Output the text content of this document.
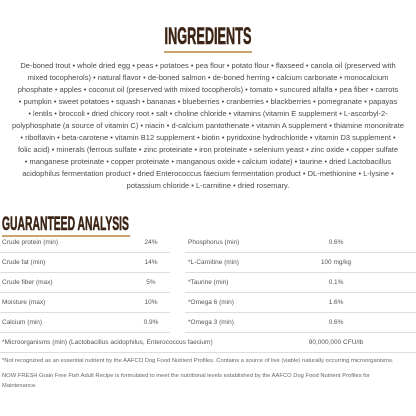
INGREDIENTS
De-boned trout • whole dried egg • peas • potatoes • pea flour • potato flour • flaxseed • canola oil (preserved with
mixed tocopherols) • natural flavor • de-boned salmon • de-boned herring • calcium carbonate • monocalcium
phosphate • apples • coconut oil (preserved with mixed tocopherols) • tomato • suncured alfalfa • pea fiber • carrots
• pumpkin • sweet potatoes • squash • bananas • blueberries • cranberries • blackberries • pomegranate • papayas
• lentils • broccoli • dried chicory root • salt • choline chloride • vitamins (vitamin E supplement • L-ascorbyl-2-
polyphosphate (a source of vitamin C) • niacin • d-calcium pantothenate • vitamin A supplement • thiamine mononitrate
• riboflavin • beta-carotene • vitamin B12 supplement • biotin • pyridoxine hydrochloride • vitamin D3 supplement •
folic acid) • minerals (ferrous sulfate • zinc proteinate • iron proteinate • selenium yeast • zinc oxide • copper sulfate
• manganese proteinate • copper proteinate • manganous oxide • calcium iodate) • taurine • dried Lactobacillus
acidophilus fermentation product • dried Enterococcus faecium fermentation product • DL-methionine • L-lysine •
potassium chloride • L-carnitine • dried rosemary.
GUARANTEED ANALYSIS
Crude protein (min)	24%	Phosphorus (min)	0.6%
Crude fat (min)	14%	*L-Carnitine (min)	100 mg/kg
Crude fiber (max)	5%	*Taurine (min)	0.1%
Moisture (max)	10%	*Omega 6 (min)	1.6%
Calcium (min)	0.9%	*Omega 3 (min)	0.6%
*Microorganisms (min) (Lactobacillus acidophilus, Enterococcus faecium)	90,000,000 CFU/lb
*Not recognized as an essential nutrient by the AAFCO Dog Food Nutrient Profiles. Contains a source of live (viable) naturally occurring microorganisms.
NOW FRESH Grain Free Fish Adult Recipe is formulated to meet the nutritional levels established by the AAFCO Dog Food Nutrient Profiles for Maintenance.
